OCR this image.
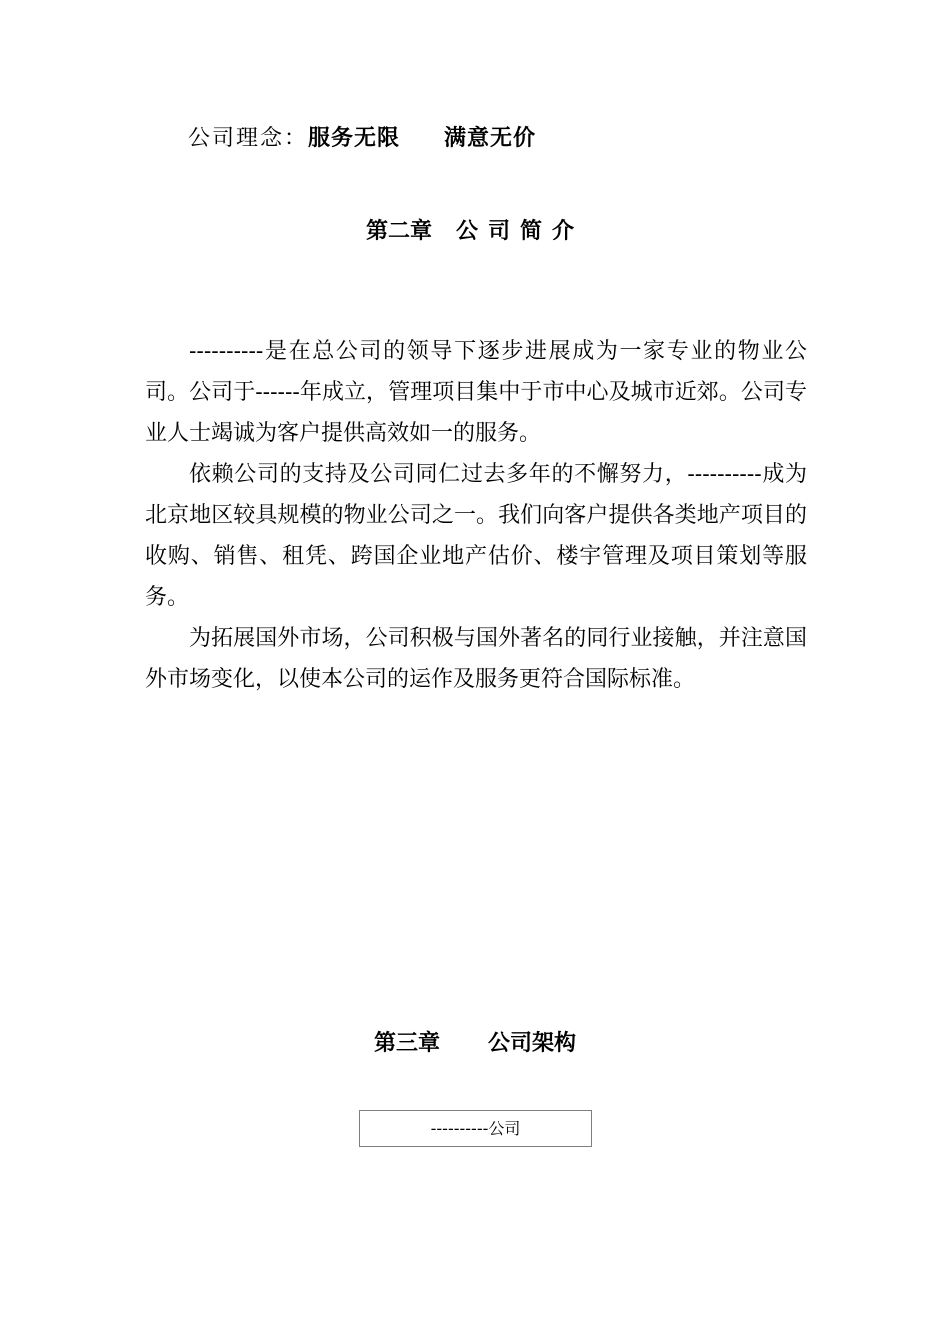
公司理念：服务无限 满意无价
第二章 公司简介

----------是在总公司的领导下逐步进展成为一家专业的物业公司。公司于------年成立，管理项目集中于市中心及城市近郊。公司专业人士竭诚为客户提供高效如一的服务。

依赖公司的支持及公司同仁过去多年的不懈努力，----------成为北京地区较具规模的物业公司之一。我们向客户提供各类地产项目的收购、销售、租凭、跨国企业地产估价、楼宇管理及项目策划等服务。

为拓展国外市场，公司积极与国外著名的同行业接触，并注意国外市场变化，以使本公司的运作及服务更符合国际标准。

第三章 公司架构
----------公司
